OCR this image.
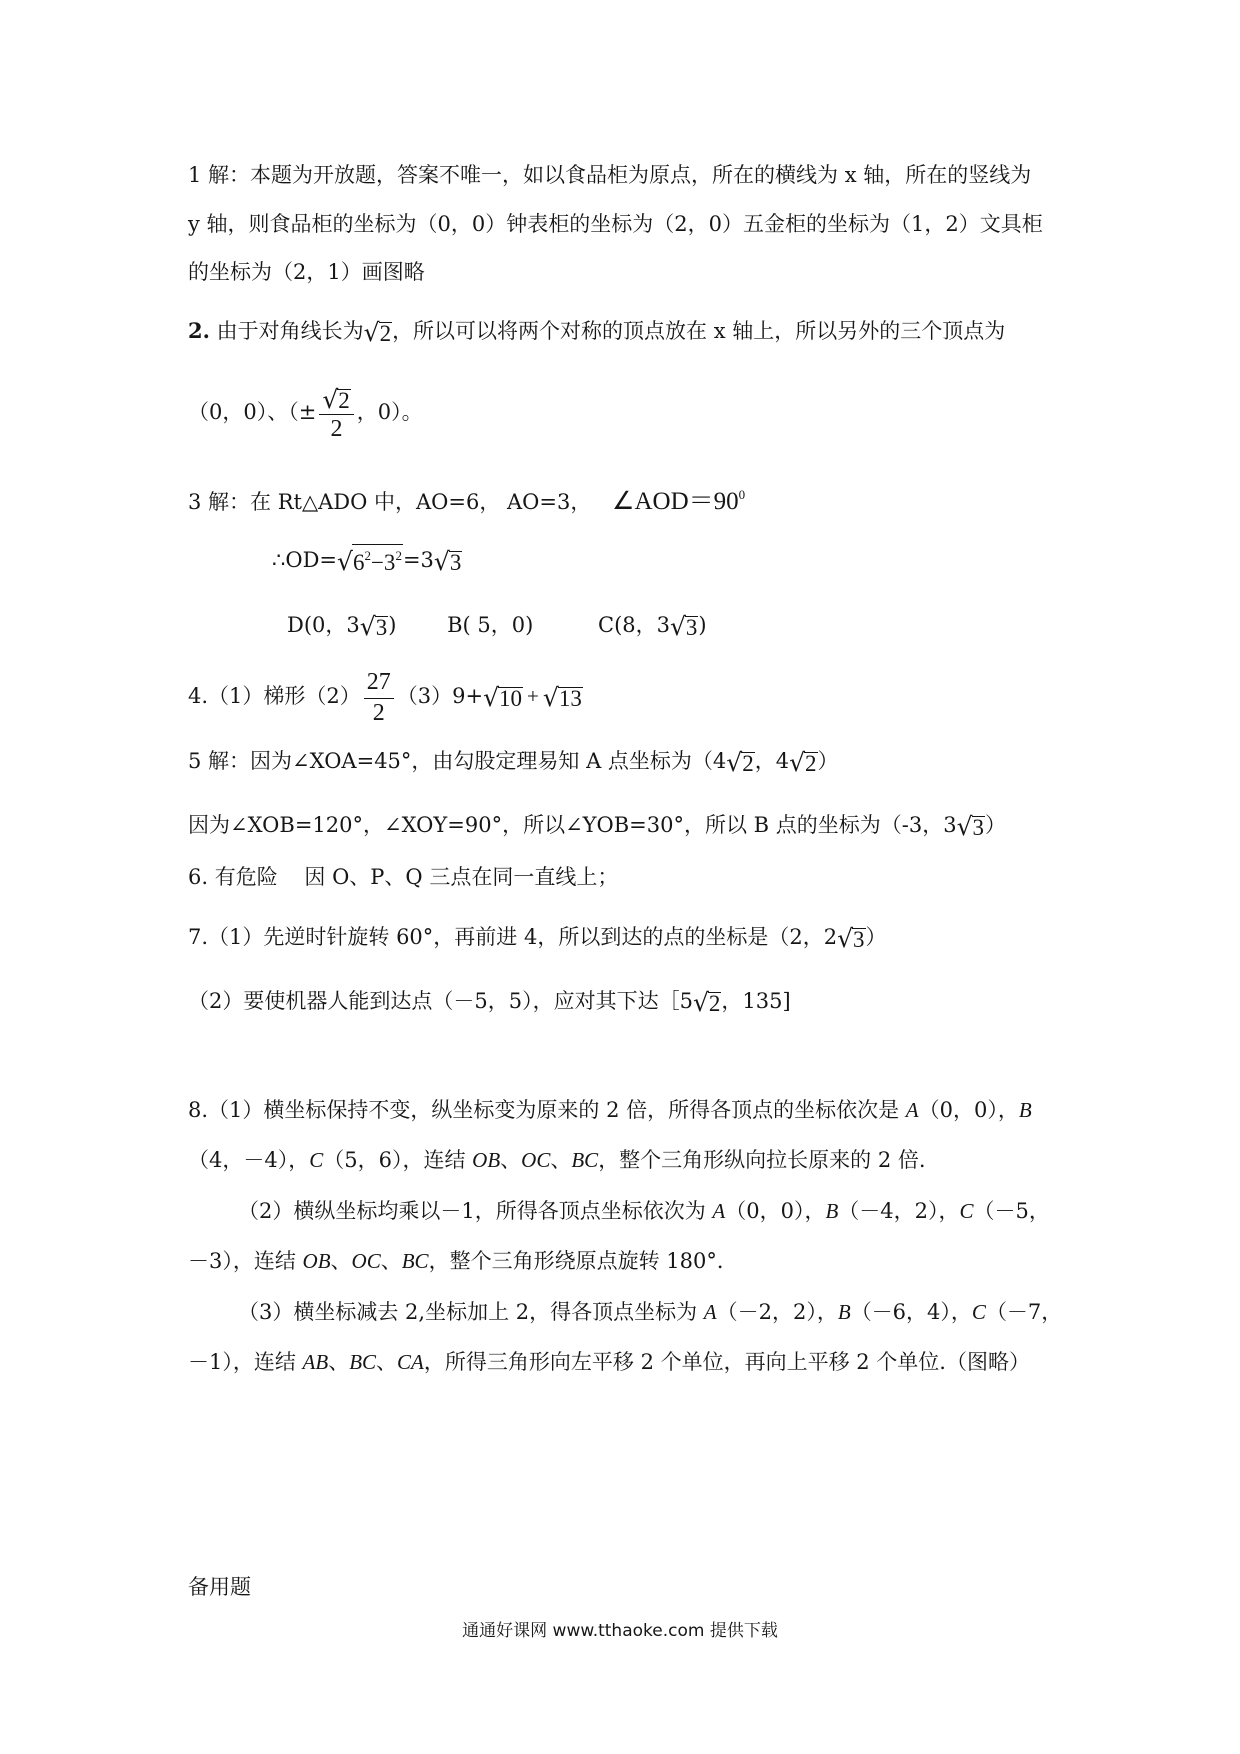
1 解：本题为开放题，答案不唯一，如以食品柜为原点，所在的横线为 x 轴，所在的竖线为
y 轴，则食品柜的坐标为（0，0）钟表柜的坐标为（2，0）五金柜的坐标为（1，2）文具柜
的坐标为（2，1）画图略
2. 由于对角线长为 √ 2 ，所以可以将两个对称的顶点放在 x 轴上，所以另外的三个顶点为
（0，0）、（± $\frac{√ 2}{2}$ ，0）。
3 解：在 Rt△ADO 中，AO=6， AO=3， $\angle AOD=90^0$
∴OD= √ $6^2-3^2 =3$ √ 3
D(0，3 √ 3 ) B( 5，0)	C(8，3 √ 3 )
4.（1）梯形$(2) \frac{27}{2} (3)9+$ √ 10 + √ 13
5 解：因为∠XOA=45°，由勾股定理易知 A 点坐标为（4 √ 2 ，4 √ 2 ）
因为∠XOB=120°，∠XOY=90°，所以∠YOB=30°，所以 B 点的坐标为（-3，3 √ 3 ）
6. 有危险    因 O、P、Q 三点在同一直线上；
7.（1）先逆时针旋转 60°，再前进 4，所以到达的点的坐标是（2，2 √ 3 ）
（2）要使机器人能到达点（－5，5），应对其下达［5 √ 2 ，135]
8.（1）横坐标保持不变，纵坐标变为原来的 2 倍，所得各顶点的坐标依次是 A（0，0），B
（4，－4），C（5，6），连结 OB、OC、BC，整个三角形纵向拉长原来的 2 倍.
（2）横纵坐标均乘以－1，所得各顶点坐标依次为 A（0，0），B（－4，2），C（－5，
－3），连结 OB、OC、BC，整个三角形绕原点旋转 180°．
（3）横坐标减去 2,坐标加上 2，得各顶点坐标为 A（－2，2），B（－6，4），C（－7，
－1），连结 AB、BC、CA，所得三角形向左平移 2 个单位，再向上平移 2 个单位.（图略）
备用题
通通好课网 www.tthaoke.com 提供下载
